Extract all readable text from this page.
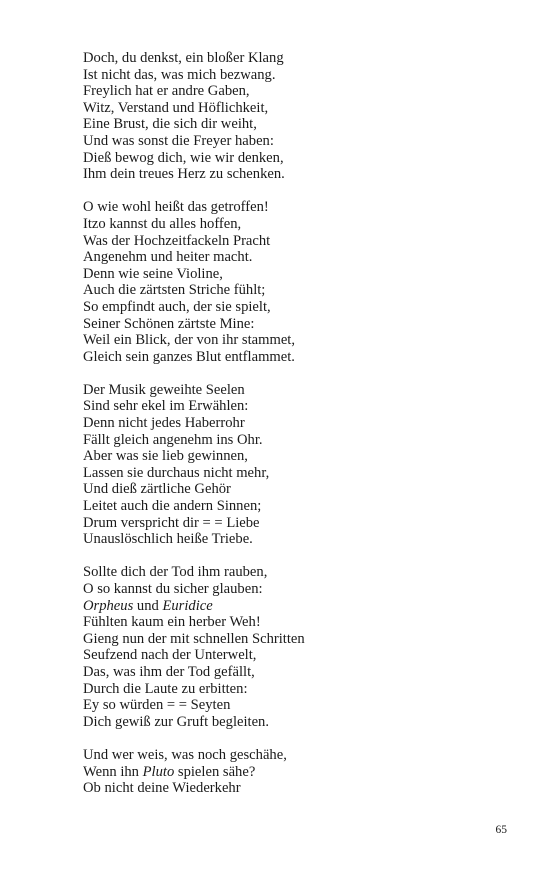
Doch, du denkst, ein bloßer Klang
Ist nicht das, was mich bezwang.
Freylich hat er andre Gaben,
Witz, Verstand und Höflichkeit,
Eine Brust, die sich dir weiht,
Und was sonst die Freyer haben:
Dieß bewog dich, wie wir denken,
Ihm dein treues Herz zu schenken.
O wie wohl heißt das getroffen!
Itzo kannst du alles hoffen,
Was der Hochzeitfackeln Pracht
Angenehm und heiter macht.
Denn wie seine Violine,
Auch die zärtsten Striche fühlt;
So empfindt auch, der sie spielt,
Seiner Schönen zärtste Mine:
Weil ein Blick, der von ihr stammet,
Gleich sein ganzes Blut entflammet.
Der Musik geweihte Seelen
Sind sehr ekel im Erwählen:
Denn nicht jedes Haberrohr
Fällt gleich angenehm ins Ohr.
Aber was sie lieb gewinnen,
Lassen sie durchaus nicht mehr,
Und dieß zärtliche Gehör
Leitet auch die andern Sinnen;
Drum verspricht dir = = Liebe
Unauslöschlich heiße Triebe.
Sollte dich der Tod ihm rauben,
O so kannst du sicher glauben:
Orpheus und Euridice
Fühlten kaum ein herber Weh!
Gieng nun der mit schnellen Schritten
Seufzend nach der Unterwelt,
Das, was ihm der Tod gefällt,
Durch die Laute zu erbitten:
Ey so würden = = Seyten
Dich gewiß zur Gruft begleiten.
Und wer weis, was noch geschähe,
Wenn ihn Pluto spielen sähe?
Ob nicht deine Wiederkehr
65
